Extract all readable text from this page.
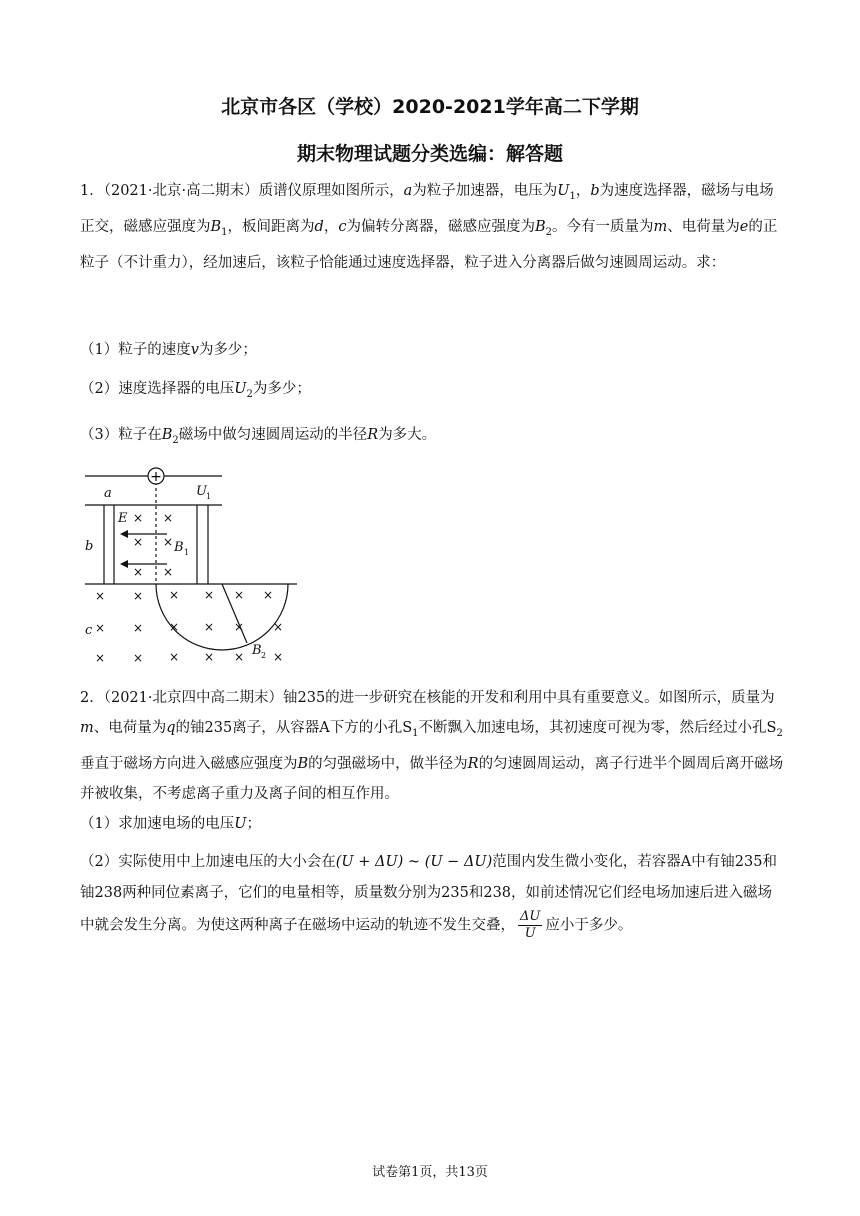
北京市各区（学校）2020-2021学年高二下学期
期末物理试题分类选编：解答题

1．（2021·北京·高二期末）质谱仪原理如图所示，a为粒子加速器，电压为$U_1$，b为速度选择器，磁场与电场正交，磁感应强度为$B_1$，板间距离为d，c为偏转分离器，磁感应强度为$B_2$。今有一质量为m、电荷量为e的正粒子（不计重力），经加速后，该粒子恰能通过速度选择器，粒子进入分离器后做匀速圆周运动。求：

（1）粒子的速度v为多少；

（2）速度选择器的电压$U_2$为多少；

（3）粒子在$B_2$磁场中做匀速圆周运动的半径R为多大。

+
a	U 1
b
E
B 1
c
B 2
× ×
× ×
× ×
× × × × × ×
× × × × × ×
× × × × × ×

2．（2021·北京四中高二期末）铀235的进一步研究在核能的开发和利用中具有重要意义。如图所示，质量为m、电荷量为q的铀235离子，从容器A下方的小孔$S_1$不断飘入加速电场，其初速度可视为零，然后经过小孔$S_2$垂直于磁场方向进入磁感应强度为B的匀强磁场中，做半径为R的匀速圆周运动，离子行进半个圆周后离开磁场并被收集，不考虑离子重力及离子间的相互作用。

（1）求加速电场的电压U；

（2）实际使用中上加速电压的大小会在(U + ΔU) ~ (U − ΔU)范围内发生微小变化，若容器A中有铀235和铀238两种同位素离子，它们的电量相等，质量数分别为235和238，如前述情况它们经电场加速后进入磁场中就会发生分离。为使这两种离子在磁场中运动的轨迹不发生交叠， $\frac{\Delta U}{U}$ 应小于多少。

试卷第1页，共13页
